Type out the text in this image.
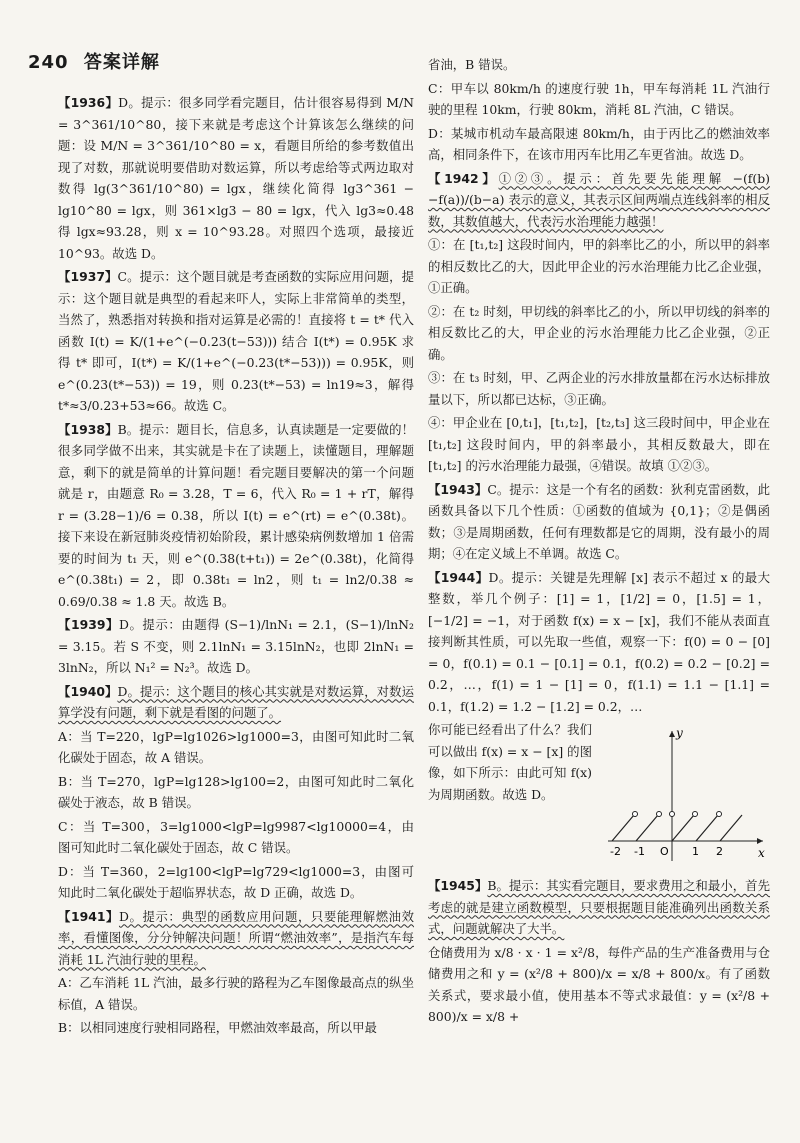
240 答案详解

【1936】D。提示：很多同学看完题目，估计很容易得到 M/N = 3^361/10^80，接下来就是考虑这个计算该怎么继续的问题：设 M/N = 3^361/10^80 = x，看题目所给的参考数值出现了对数，那就说明要借助对数运算，所以考虑给等式两边取对数得 lg(3^361/10^80) = lgx，继续化简得 lg3^361 − lg10^80 = lgx，则 361×lg3 − 80 = lgx，代入 lg3≈0.48 得 lgx≈93.28，则 x = 10^93.28。对照四个选项，最接近 10^93。故选 D。

【1937】C。提示：这个题目就是考查函数的实际应用问题，提示：这个题目就是典型的看起来吓人，实际上非常简单的类型，当然了，熟悉指对转换和指对运算是必需的！直接将 t = t* 代入函数 I(t) = K/(1+e^(−0.23(t−53))) 结合 I(t*) = 0.95K 求得 t* 即可，I(t*) = K/(1+e^(−0.23(t*−53))) = 0.95K，则 e^(0.23(t*−53)) = 19，则 0.23(t*−53) = ln19≈3，解得 t*≈3/0.23+53≈66。故选 C。

【1938】B。提示：题目长，信息多，认真读题是一定要做的！很多同学做不出来，其实就是卡在了读题上，读懂题目，理解题意，剩下的就是简单的计算问题！看完题目要解决的第一个问题就是 r，由题意 R₀ = 3.28，T = 6，代入 R₀ = 1 + rT，解得 r = (3.28−1)/6 = 0.38，所以 I(t) = e^(rt) = e^(0.38t)。接下来设在新冠肺炎疫情初始阶段，累计感染病例数增加 1 倍需要的时间为 t₁ 天，则 e^(0.38(t+t₁)) = 2e^(0.38t)，化简得 e^(0.38t₁) = 2，即 0.38t₁ = ln2，则 t₁ = ln2/0.38 ≈ 0.69/0.38 ≈ 1.8 天。故选 B。

【1939】D。提示：由题得 (S−1)/lnN₁ = 2.1，(S−1)/lnN₂ = 3.15。若 S 不变，则 2.1lnN₁ = 3.15lnN₂，也即 2lnN₁ = 3lnN₂，所以 N₁² = N₂³。故选 D。

【1940】D。提示：这个题目的核心其实就是对数运算，对数运算学没有问题，剩下就是看图的问题了。

A：当 T=220，lgP=lg1026>lg1000=3，由图可知此时二氧化碳处于固态，故 A 错误。

B：当 T=270，lgP=lg128>lg100=2，由图可知此时二氧化碳处于液态，故 B 错误。

C：当 T=300，3=lg1000<lgP=lg9987<lg10000=4，由图可知此时二氧化碳处于固态，故 C 错误。

D：当 T=360，2=lg100<lgP=lg729<lg1000=3，由图可知此时二氧化碳处于超临界状态，故 D 正确，故选 D。

【1941】D。提示：典型的函数应用问题，只要能理解燃油效率，看懂图像，分分钟解决问题！所谓“燃油效率”，是指汽车每消耗 1L 汽油行驶的里程。

A：乙车消耗 1L 汽油，最多行驶的路程为乙车图像最高点的纵坐标值，A 错误。

B：以相同速度行驶相同路程，甲燃油效率最高，所以甲最

省油，B 错误。

C：甲车以 80km/h 的速度行驶 1h，甲车每消耗 1L 汽油行驶的里程 10km，行驶 80km，消耗 8L 汽油，C 错误。

D：某城市机动车最高限速 80km/h，由于丙比乙的燃油效率高，相同条件下，在该市用丙车比用乙车更省油。故选 D。

【1942】①②③。提示：首先要先能理解 −(f(b)−f(a))/(b−a) 表示的意义，其表示区间两端点连线斜率的相反数，其数值越大，代表污水治理能力越强！

①：在 [t₁,t₂] 这段时间内，甲的斜率比乙的小，所以甲的斜率的相反数比乙的大，因此甲企业的污水治理能力比乙企业强，①正确。

②：在 t₂ 时刻，甲切线的斜率比乙的小，所以甲切线的斜率的相反数比乙的大，甲企业的污水治理能力比乙企业强，②正确。

③：在 t₃ 时刻，甲、乙两企业的污水排放量都在污水达标排放量以下，所以都已达标，③正确。

④：甲企业在 [0,t₁]，[t₁,t₂]，[t₂,t₃] 这三段时间中，甲企业在 [t₁,t₂] 这段时间内，甲的斜率最小，其相反数最大，即在 [t₁,t₂] 的污水治理能力最强，④错误。故填 ①②③。

【1943】C。提示：这是一个有名的函数：狄利克雷函数，此函数具备以下几个性质：①函数的值域为 {0,1}；②是偶函数；③是周期函数，任何有理数都是它的周期，没有最小的周期；④在定义域上不单调。故选 C。

【1944】D。提示：关键是先理解 [x] 表示不超过 x 的最大整数，举几个例子：[1] = 1，[1/2] = 0，[1.5] = 1，[−1/2] = −1，对于函数 f(x) = x − [x]，我们不能从表面直接判断其性质，可以先取一些值，观察一下：f(0) = 0 − [0] = 0，f(0.1) = 0.1 − [0.1] = 0.1，f(0.2) = 0.2 − [0.2] = 0.2，…，f(1) = 1 − [1] = 0，f(1.1) = 1.1 − [1.1] = 0.1，f(1.2) = 1.2 − [1.2] = 0.2，…

y
x
-2 -1 O 1 2

你可能已经看出了什么？我们可以做出 f(x) = x − [x] 的图像，如下所示：由此可知 f(x) 为周期函数。故选 D。

【1945】B。提示：其实看完题目，要求费用之和最小，首先考虑的就是建立函数模型，只要根据题目能准确列出函数关系式，问题就解决了大半。

仓储费用为 x/8 · x · 1 = x²/8，每件产品的生产准备费用与仓储费用之和 y = (x²/8 + 800)/x = x/8 + 800/x。有了函数关系式，要求最小值，使用基本不等式求最值：y = (x²/8 + 800)/x = x/8 +
